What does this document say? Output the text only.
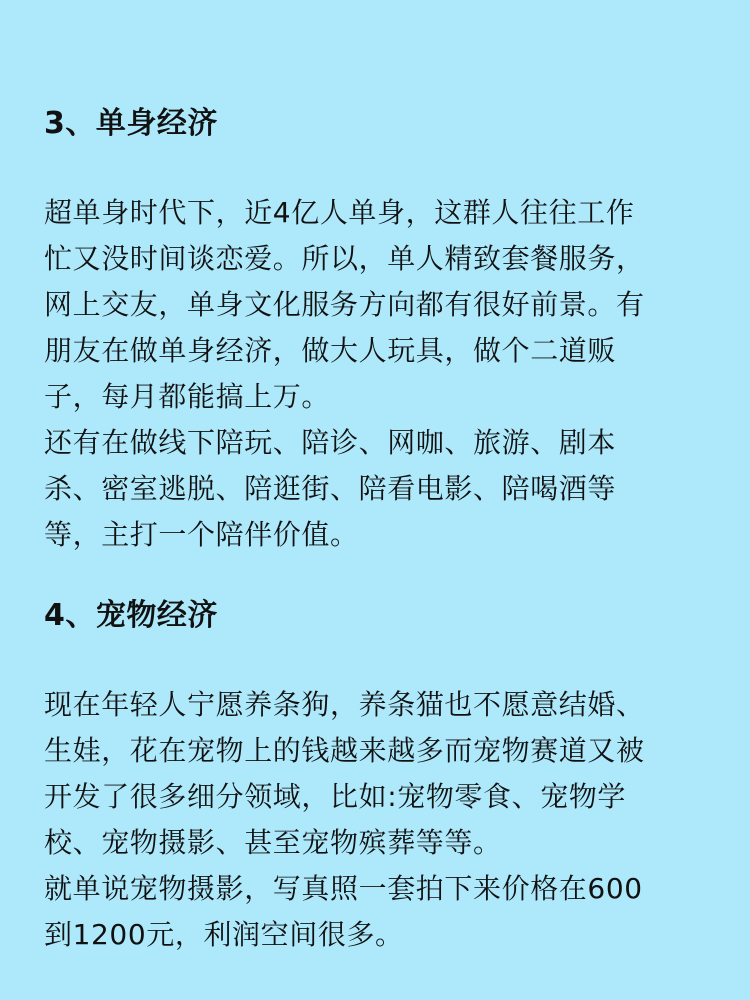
3、单身经济
超单身时代下，近4亿人单身，这群人往往工作
忙又没时间谈恋爱。所以，单人精致套餐服务，
网上交友，单身文化服务方向都有很好前景。有
朋友在做单身经济，做大人玩具，做个二道贩
子，每月都能搞上万。
还有在做线下陪玩、陪诊、网咖、旅游、剧本
杀、密室逃脱、陪逛街、陪看电影、陪喝酒等
等，主打一个陪伴价值。
4、宠物经济
现在年轻人宁愿养条狗，养条猫也不愿意结婚、
生娃，花在宠物上的钱越来越多而宠物赛道又被
开发了很多细分领域，比如:宠物零食、宠物学
校、宠物摄影、甚至宠物殡葬等等。
就单说宠物摄影，写真照一套拍下来价格在600
到1200元，利润空间很多。
